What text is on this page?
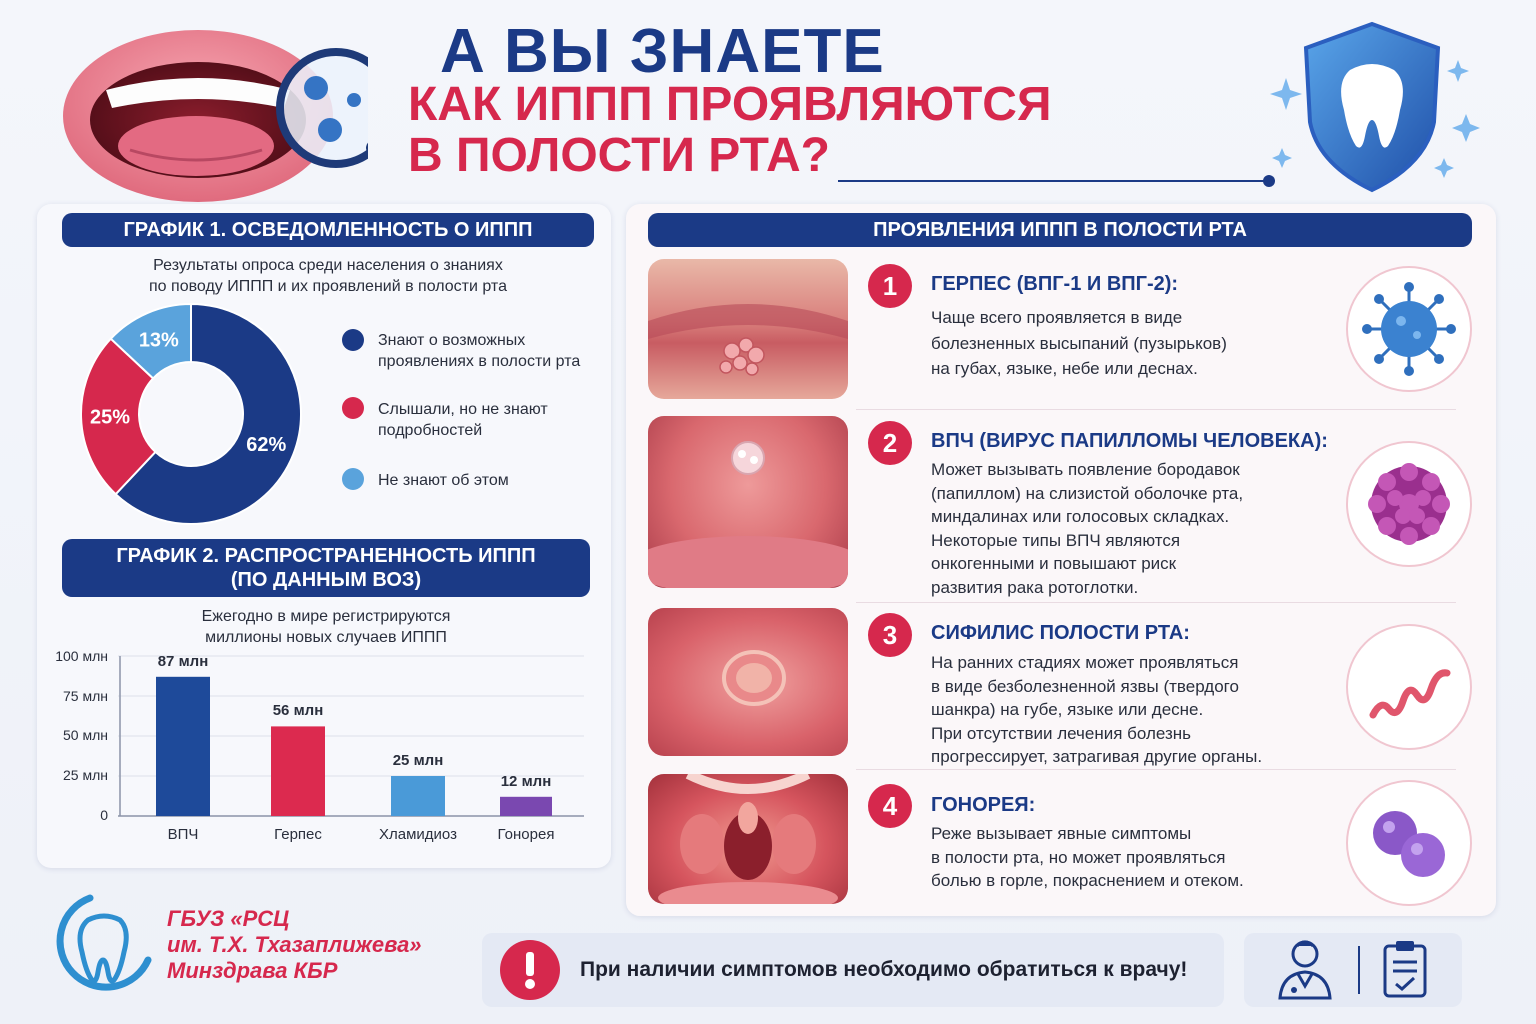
А ВЫ ЗНАЕТЕ
КАК ИППП ПРОЯВЛЯЮТСЯ
В ПОЛОСТИ РТА?
ГРАФИК 1. ОСВЕДОМЛЕННОСТЬ О ИППП
Результаты опроса среди населения о знаниях
по поводу ИППП и их проявлений в полости рта
62%
25%
13%	Знают о возможных
проявлениях в полости рта
Слышали, но не знают
подробностей
Не знают об этом
ГРАФИК 2. РАСПРОСТРАНЕННОСТЬ ИППП
(ПО ДАННЫМ ВОЗ)
Ежегодно в мире регистрируются
миллионы новых случаев ИППП
100 млн
75 млн
50 млн
25 млн
0
87 млн
ВПЧ
56 млн
Герпес
25 млн
Хламидиоз
12 млн
Гонорея
ПРОЯВЛЕНИЯ ИППП В ПОЛОСТИ РТА
1	ГЕРПЕС (ВПГ-1 И ВПГ-2):
Чаще всего проявляется в виде
болезненных высыпаний (пузырьков)
на губах, языке, небе или деснах.
2	ВПЧ (ВИРУС ПАПИЛЛОМЫ ЧЕЛОВЕКА):
Может вызывать появление бородавок
(папиллом) на слизистой оболочке рта,
миндалинах или голосовых складках.
Некоторые типы ВПЧ являются
онкогенными и повышают риск
развития рака ротоглотки.
3	СИФИЛИС ПОЛОСТИ РТА:
На ранних стадиях может проявляться
в виде безболезненной язвы (твердого
шанкра) на губе, языке или десне.
При отсутствии лечения болезнь
прогрессирует, затрагивая другие органы.
4	ГОНОРЕЯ:
Реже вызывает явные симптомы
в полости рта, но может проявляться
болью в горле, покраснением и отеком.
ГБУЗ «РСЦ
им. Т.Х. Тхазаплижева»
Минздрава КБР	При наличии симптомов необходимо обратиться к врачу!
